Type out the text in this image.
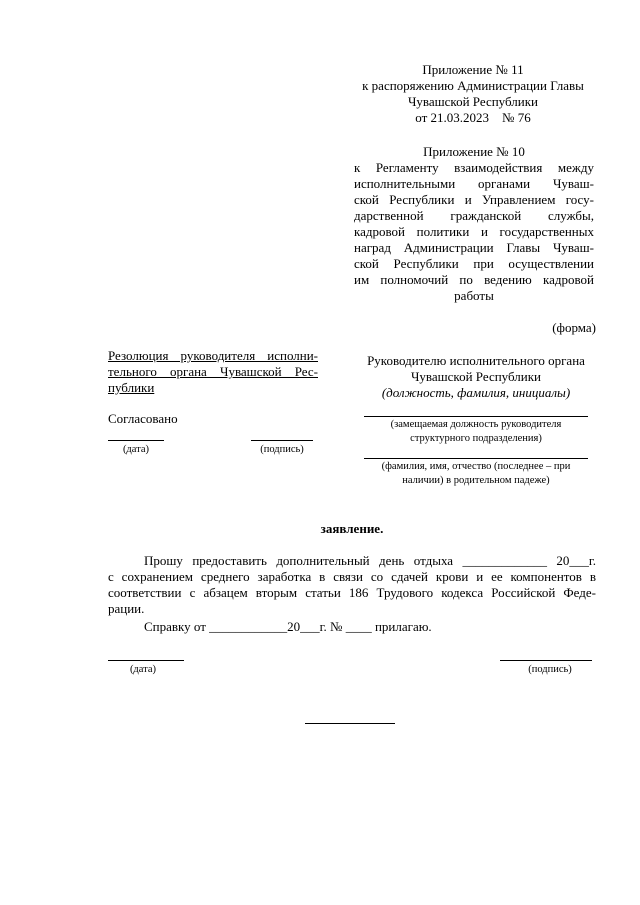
Приложение № 11

к распоряжению Администрации Главы

Чувашской Республики

от 21.03.2023    № 76

Приложение № 10

к Регламенту взаимодействия между

исполнительными органами Чуваш-

ской Республики и Управлением госу-

дарственной гражданской службы,

кадровой политики и государственных

наград Администрации Главы Чуваш-

ской Республики при осуществлении

им полномочий по ведению кадровой

работы

(форма)

Резолюция руководителя исполни-

тельного органа Чувашской Рес-

публики

Согласовано
(дата)	(подпись)

Руководителю исполнительного органа

Чувашской Республики

(должность, фамилия, инициалы)

(замещаемая должность руководителя

структурного подразделения)

(фамилия, имя, отчество (последнее – при

наличии) в родительном падеже)

заявление.

Прошу предоставить дополнительный день отдыха _____________ 20___г.

с сохранением среднего заработка в связи со сдачей крови и ее компонентов в

соответствии с абзацем вторым статьи 186 Трудового кодекса Российской Феде-

рации.

Справку от ____________20___г. № ____ прилагаю.

(дата)	(подпись)
